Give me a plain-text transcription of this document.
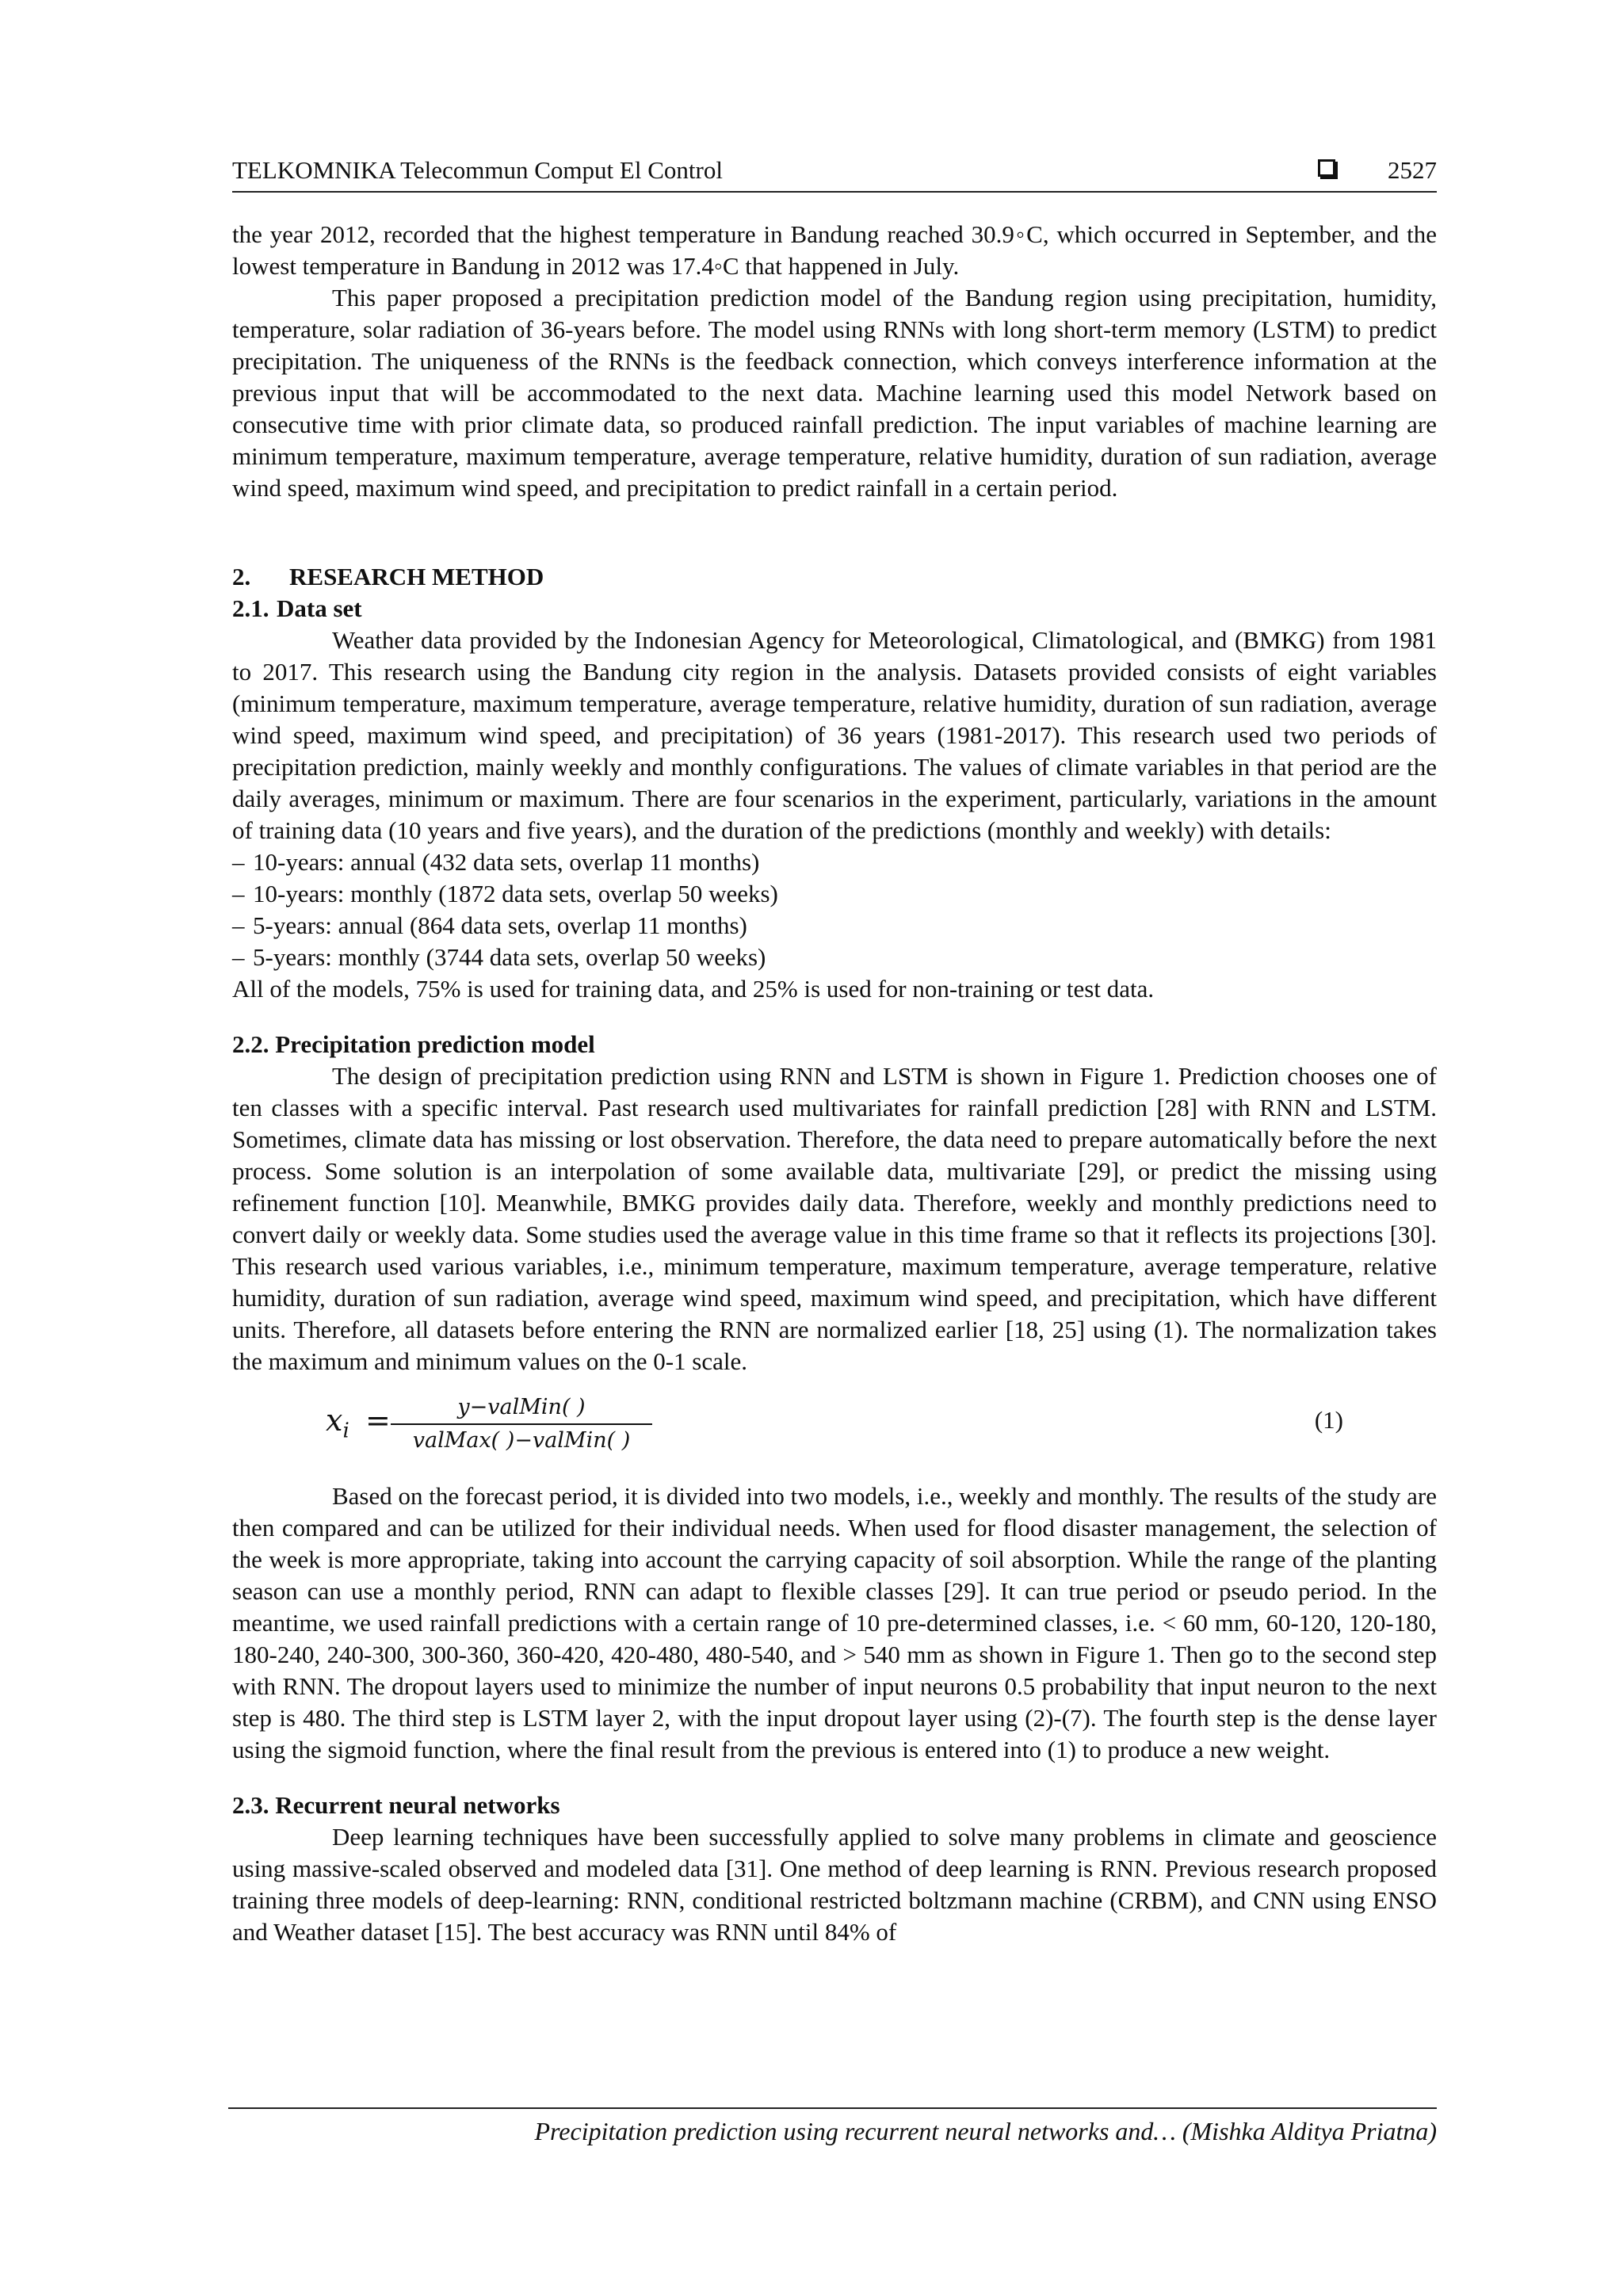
TELKOMNIKA Telecommun Comput El Control	2527

the year 2012, recorded that the highest temperature in Bandung reached 30.9◦C, which occurred in September, and the lowest temperature in Bandung in 2012 was 17.4◦C that happened in July.

This paper proposed a precipitation prediction model of the Bandung region using precipitation, humidity, temperature, solar radiation of 36-years before. The model using RNNs with long short-term memory (LSTM) to predict precipitation. The uniqueness of the RNNs is the feedback connection, which conveys interference information at the previous input that will be accommodated to the next data. Machine learning used this model Network based on consecutive time with prior climate data, so produced rainfall prediction. The input variables of machine learning are minimum temperature, maximum temperature, average temperature, relative humidity, duration of sun radiation, average wind speed, maximum wind speed, and precipitation to predict rainfall in a certain period.

2. RESEARCH METHOD

2.1. Data set

Weather data provided by the Indonesian Agency for Meteorological, Climatological, and (BMKG) from 1981 to 2017. This research using the Bandung city region in the analysis. Datasets provided consists of eight variables (minimum temperature, maximum temperature, average temperature, relative humidity, duration of sun radiation, average wind speed, maximum wind speed, and precipitation) of 36 years (1981-2017). This research used two periods of precipitation prediction, mainly weekly and monthly configurations. The values of climate variables in that period are the daily averages, minimum or maximum. There are four scenarios in the experiment, particularly, variations in the amount of training data (10 years and five years), and the duration of the predictions (monthly and weekly) with details:

– 10-years: annual (432 data sets, overlap 11 months)
– 10-years: monthly (1872 data sets, overlap 50 weeks)
– 5-years: annual (864 data sets, overlap 11 months)
– 5-years: monthly (3744 data sets, overlap 50 weeks)

All of the models, 75% is used for training data, and 25% is used for non-training or test data.

2.2. Precipitation prediction model

The design of precipitation prediction using RNN and LSTM is shown in Figure 1. Prediction chooses one of ten classes with a specific interval. Past research used multivariates for rainfall prediction [28] with RNN and LSTM. Sometimes, climate data has missing or lost observation. Therefore, the data need to prepare automatically before the next process. Some solution is an interpolation of some available data, multivariate [29], or predict the missing using refinement function [10]. Meanwhile, BMKG provides daily data. Therefore, weekly and monthly predictions need to convert daily or weekly data. Some studies used the average value in this time frame so that it reflects its projections [30]. This research used various variables, i.e., minimum temperature, maximum temperature, average temperature, relative humidity, duration of sun radiation, average wind speed, maximum wind speed, and precipitation, which have different units. Therefore, all datasets before entering the RNN are normalized earlier [18, 25] using (1). The normalization takes the maximum and minimum values on the 0-1 scale.

$x_i$ =	y−valMin( )
valMax( )−valMin( )
(1)

Based on the forecast period, it is divided into two models, i.e., weekly and monthly. The results of the study are then compared and can be utilized for their individual needs. When used for flood disaster management, the selection of the week is more appropriate, taking into account the carrying capacity of soil absorption. While the range of the planting season can use a monthly period, RNN can adapt to flexible classes [29]. It can true period or pseudo period. In the meantime, we used rainfall predictions with a certain range of 10 pre-determined classes, i.e. < 60 mm, 60-120, 120-180, 180-240, 240-300, 300-360, 360-420, 420-480, 480-540, and > 540 mm as shown in Figure 1. Then go to the second step with RNN. The dropout layers used to minimize the number of input neurons 0.5 probability that input neuron to the next step is 480. The third step is LSTM layer 2, with the input dropout layer using (2)-(7). The fourth step is the dense layer using the sigmoid function, where the final result from the previous is entered into (1) to produce a new weight.

2.3. Recurrent neural networks

Deep learning techniques have been successfully applied to solve many problems in climate and geoscience using massive-scaled observed and modeled data [31]. One method of deep learning is RNN. Previous research proposed training three models of deep-learning: RNN, conditional restricted boltzmann machine (CRBM), and CNN using ENSO and Weather dataset [15]. The best accuracy was RNN until 84% of

Precipitation prediction using recurrent neural networks and… (Mishka Alditya Priatna)
